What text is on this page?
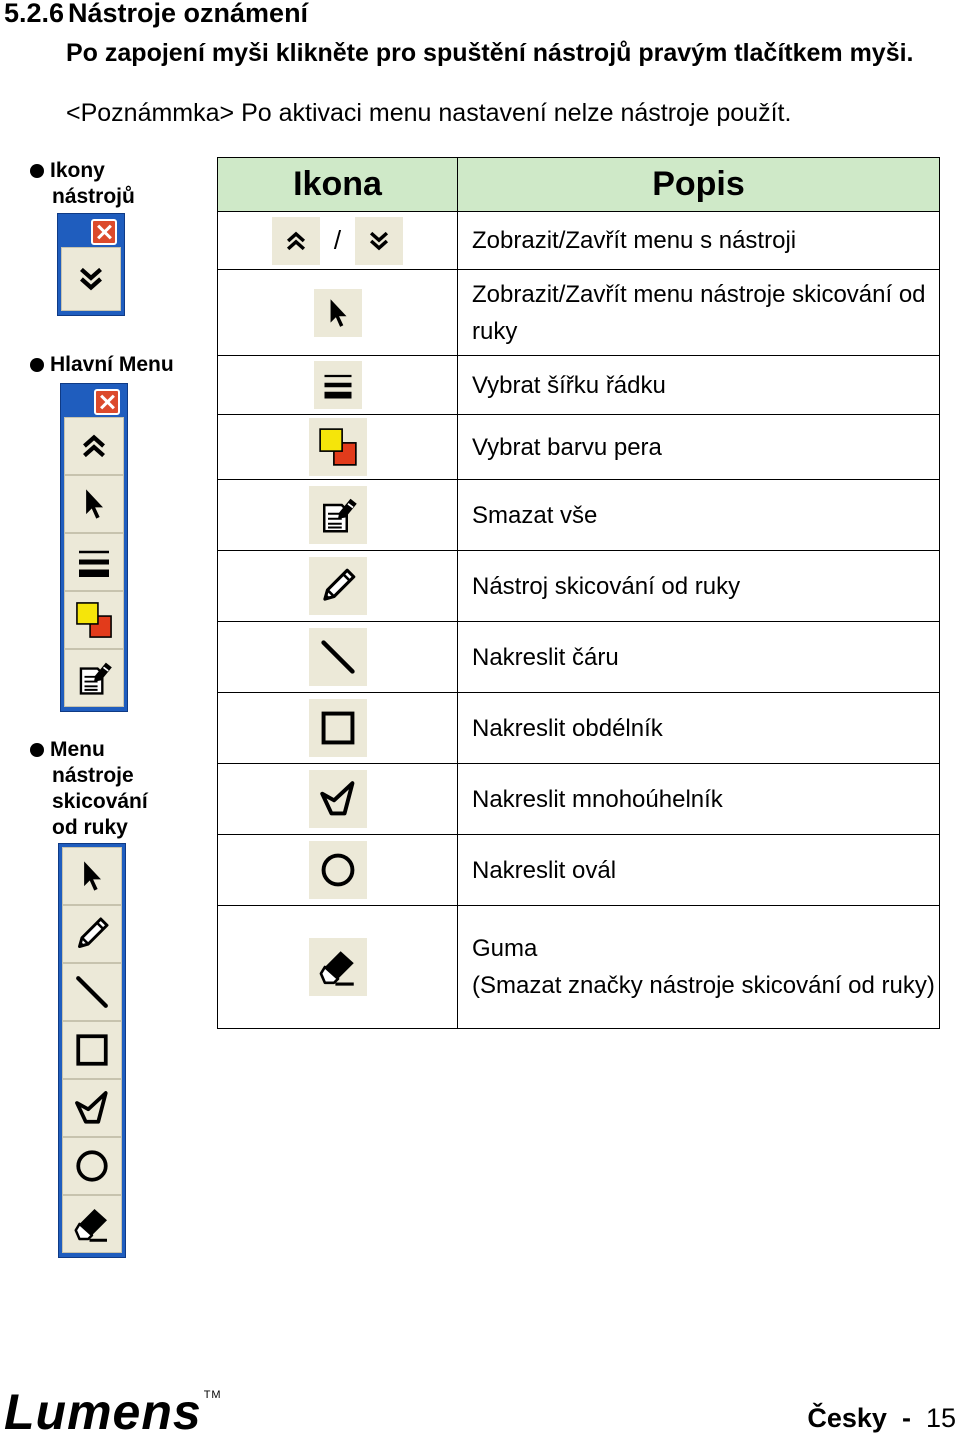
5.2.6 Nástroje oznámení
Po zapojení myši klikněte pro spuštění nástrojů pravým tlačítkem myši.
<Poznámmka> Po aktivaci menu nastavení nelze nástroje použít.
Ikony
nástrojů
Hlavní Menu
Menu
nástroje
skicování
od ruky
Ikona	Popis

/	Zobrazit/Zavřít menu s nástroji

	Zobrazit/Zavřít menu nástroje skicování od ruky

	Vybrat šířku řádku

	Vybrat barvu pera

	Smazat vše

	Nástroj skicování od ruky

	Nakreslit čáru

	Nakreslit obdélník

	Nakreslit mnohoúhelník

	Nakreslit ovál

Guma
(Smazat značky nástroje skicování od ruky)
Lumens ™
Česky - 15
